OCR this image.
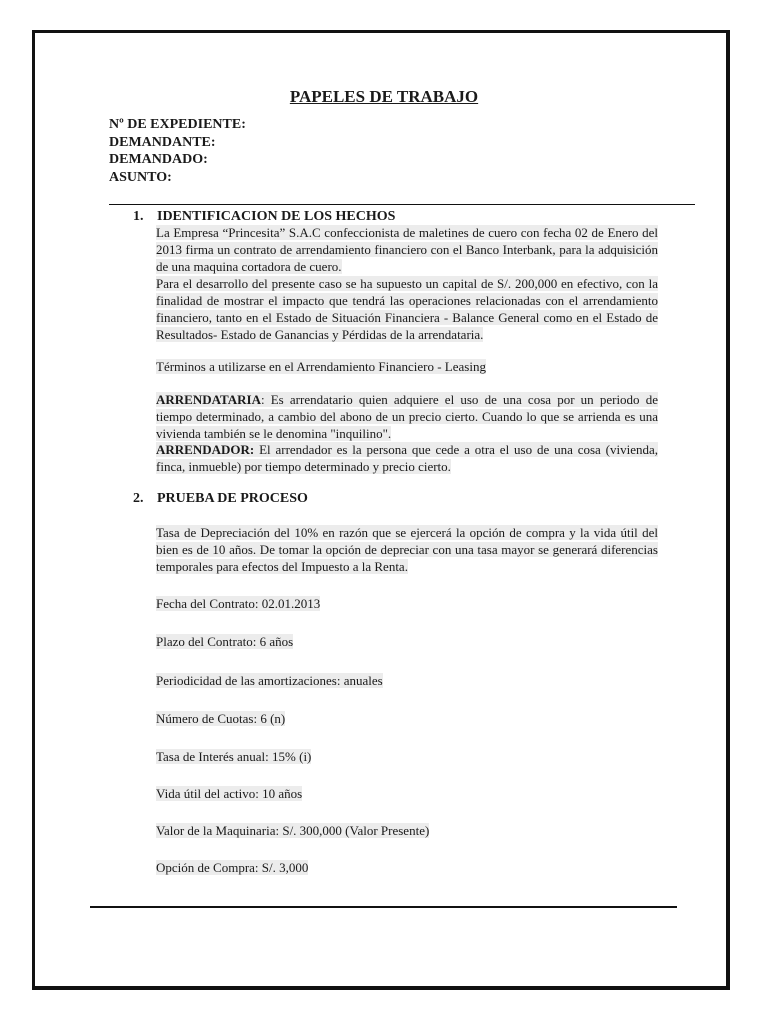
PAPELES DE TRABAJO
Nº DE EXPEDIENTE:
DEMANDANTE:
DEMANDADO:
ASUNTO:
1. IDENTIFICACION DE LOS HECHOS
La Empresa “Princesita” S.A.C confeccionista de maletines de cuero con fecha 02 de Enero del 2013 firma un contrato de arrendamiento financiero con el Banco Interbank, para la adquisición de una maquina cortadora de cuero.
Para el desarrollo del presente caso se ha supuesto un capital de S/. 200,000 en efectivo, con la finalidad de mostrar el impacto que tendrá las operaciones relacionadas con el arrendamiento financiero, tanto en el Estado de Situación Financiera - Balance General como en el Estado de Resultados- Estado de Ganancias y Pérdidas de la arrendataria.
Términos a utilizarse en el Arrendamiento Financiero - Leasing
ARRENDATARIA: Es arrendatario quien adquiere el uso de una cosa por un periodo de tiempo determinado, a cambio del abono de un precio cierto. Cuando lo que se arrienda es una vivienda también se le denomina "inquilino".
ARRENDADOR: El arrendador es la persona que cede a otra el uso de una cosa (vivienda, finca, inmueble) por tiempo determinado y precio cierto.
2. PRUEBA DE PROCESO
Tasa de Depreciación del 10% en razón que se ejercerá la opción de compra y la vida útil del bien es de 10 años. De tomar la opción de depreciar con una tasa mayor se generará diferencias temporales para efectos del Impuesto a la Renta.
Fecha del Contrato: 02.01.2013
Plazo del Contrato: 6 años
Periodicidad de las amortizaciones: anuales
Número de Cuotas: 6 (n)
Tasa de Interés anual: 15% (i)
Vida útil del activo: 10 años
Valor de la Maquinaria: S/. 300,000 (Valor Presente)
Opción de Compra: S/. 3,000
